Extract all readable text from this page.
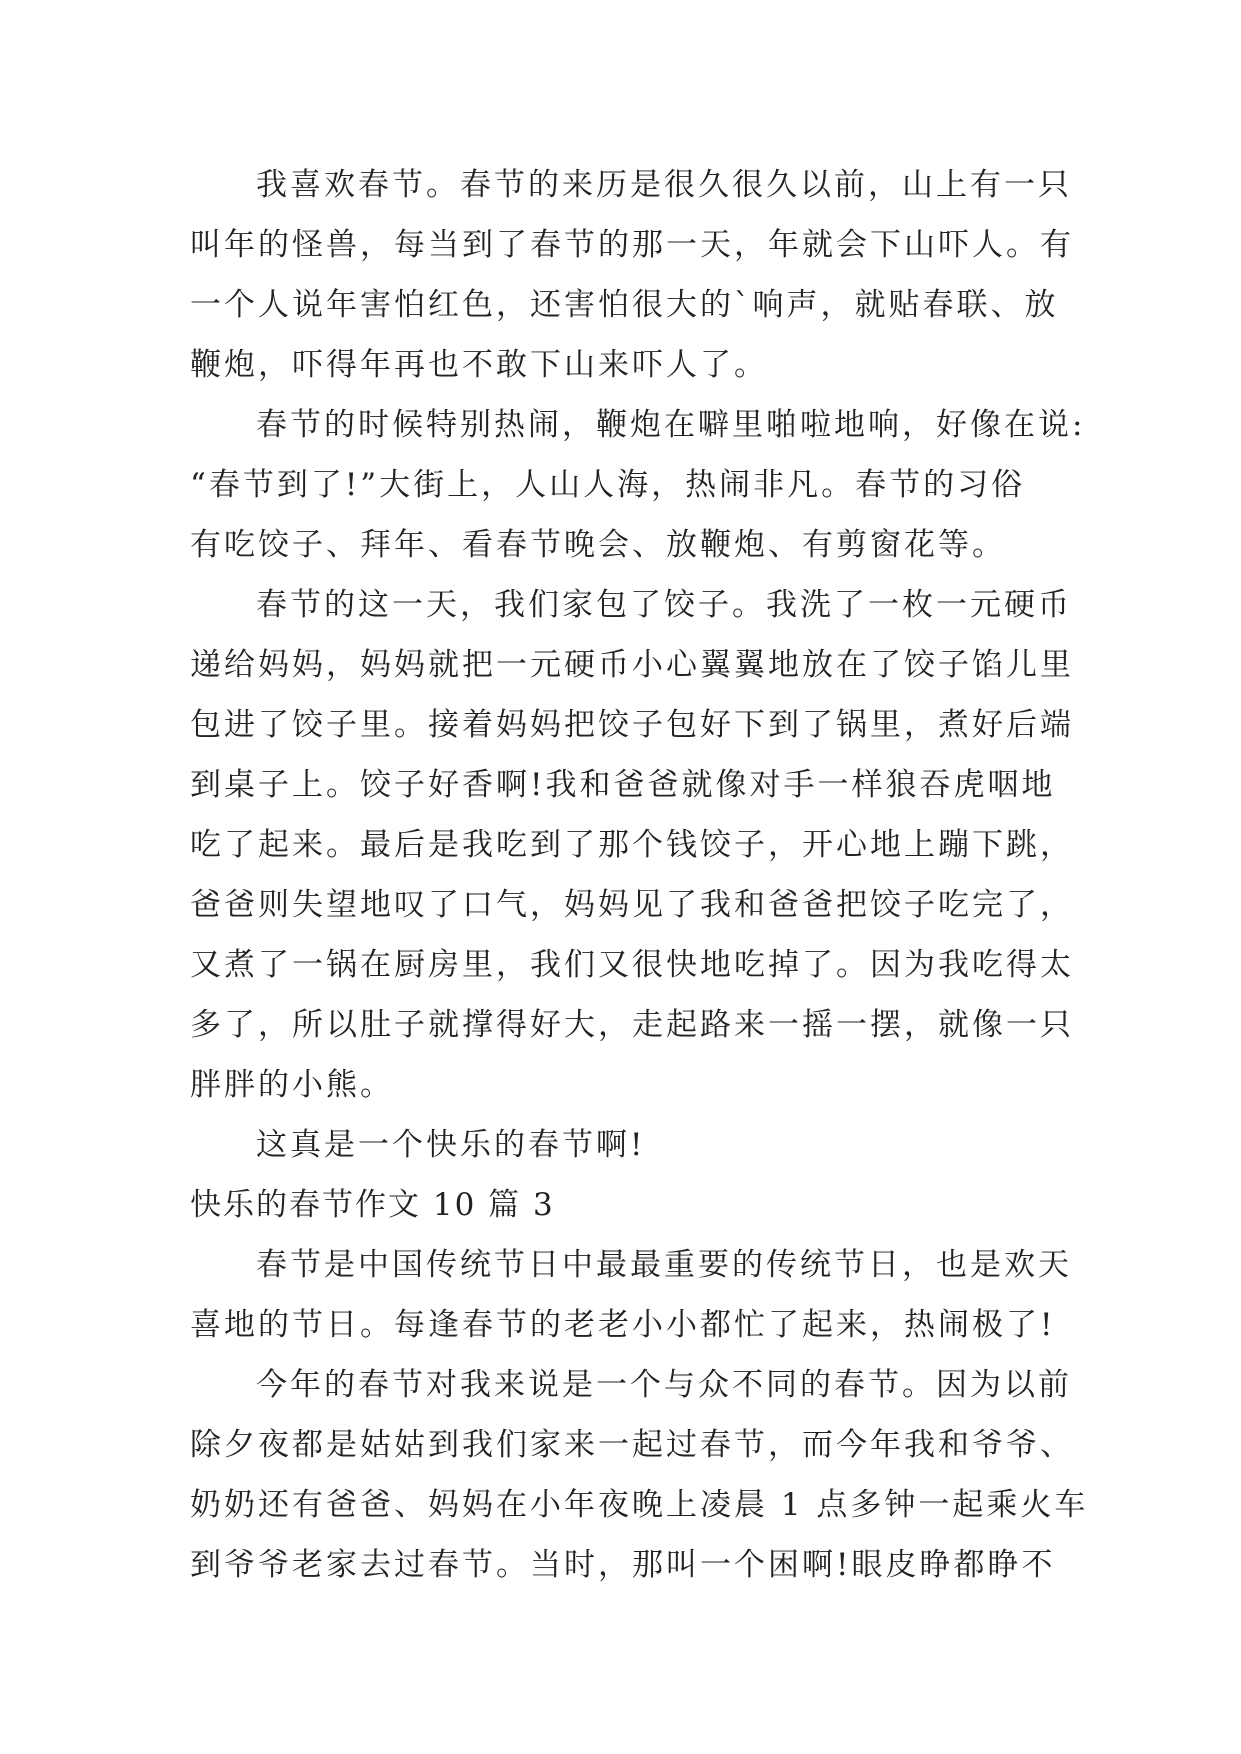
我喜欢春节。春节的来历是很久很久以前，山上有一只
叫年的怪兽，每当到了春节的那一天，年就会下山吓人。有
一个人说年害怕红色，还害怕很大的`响声，就贴春联、放
鞭炮，吓得年再也不敢下山来吓人了。
春节的时候特别热闹，鞭炮在噼里啪啦地响，好像在说:
“春节到了!”大街上，人山人海，热闹非凡。春节的习俗
有吃饺子、拜年、看春节晚会、放鞭炮、有剪窗花等。
春节的这一天，我们家包了饺子。我洗了一枚一元硬币
递给妈妈，妈妈就把一元硬币小心翼翼地放在了饺子馅儿里
包进了饺子里。接着妈妈把饺子包好下到了锅里，煮好后端
到桌子上。饺子好香啊!我和爸爸就像对手一样狼吞虎咽地
吃了起来。最后是我吃到了那个钱饺子，开心地上蹦下跳，
爸爸则失望地叹了口气，妈妈见了我和爸爸把饺子吃完了，
又煮了一锅在厨房里，我们又很快地吃掉了。因为我吃得太
多了，所以肚子就撑得好大，走起路来一摇一摆，就像一只
胖胖的小熊。
这真是一个快乐的春节啊!
快乐的春节作文 10 篇 3
春节是中国传统节日中最最重要的传统节日，也是欢天
喜地的节日。每逢春节的老老小小都忙了起来，热闹极了!
今年的春节对我来说是一个与众不同的春节。因为以前
除夕夜都是姑姑到我们家来一起过春节，而今年我和爷爷、
奶奶还有爸爸、妈妈在小年夜晚上凌晨 1 点多钟一起乘火车
到爷爷老家去过春节。当时，那叫一个困啊!眼皮睁都睁不
